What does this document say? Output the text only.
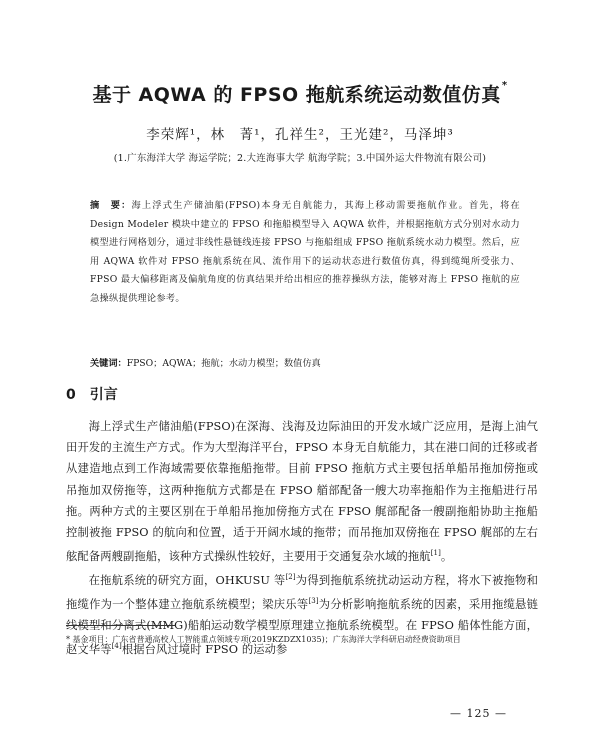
基于 AQWA 的 FPSO 拖航系统运动数值仿真*
李荣辉¹，林　菁¹，孔祥生²，王光建²，马泽坤³
(1.广东海洋大学 海运学院；2.大连海事大学 航海学院；3.中国外运大件物流有限公司)
摘　要：海上浮式生产储油船(FPSO)本身无自航能力，其海上移动需要拖航作业。首先，将在 Design Modeler 模块中建立的 FPSO 和拖船模型导入 AQWA 软件，并根据拖航方式分别对水动力模型进行网格划分，通过非线性悬链线连接 FPSO 与拖船组成 FPSO 拖航系统水动力模型。然后，应用 AQWA 软件对 FPSO 拖航系统在风、流作用下的运动状态进行数值仿真，得到缆绳所受张力、FPSO 最大偏移距离及偏航角度的仿真结果并给出相应的推荐操纵方法，能够对海上 FPSO 拖航的应急操纵提供理论参考。
关键词：FPSO；AQWA；拖航；水动力模型；数值仿真
0 引言

海上浮式生产储油船(FPSO)在深海、浅海及边际油田的开发水域广泛应用，是海上油气田开发的主流生产方式。作为大型海洋平台，FPSO 本身无自航能力，其在港口间的迁移或者从建造地点到工作海域需要依靠拖船拖带。目前 FPSO 拖航方式主要包括单船吊拖加傍拖或吊拖加双傍拖等，这两种拖航方式都是在 FPSO 艏部配备一艘大功率拖船作为主拖船进行吊拖。两种方式的主要区别在于单船吊拖加傍拖方式在 FPSO 艉部配备一艘副拖船协助主拖船控制被拖 FPSO 的航向和位置，适于开阔水域的拖带；而吊拖加双傍拖在 FPSO 艉部的左右舷配备两艘副拖船，该种方式操纵性较好，主要用于交通复杂水域的拖航[1]。

在拖航系统的研究方面，OHKUSU 等[2]为得到拖航系统扰动运动方程，将水下被拖物和拖缆作为一个整体建立拖航系统模型；梁庆乐等[3]为分析影响拖航系统的因素，采用拖缆悬链线模型和分离式(MMG)船舶运动数学模型原理建立拖航系统模型。在 FPSO 船体性能方面，赵文华等[4]根据台风过境时 FPSO 的运动参

* 基金项目：广东省普通高校人工智能重点领域专项(2019KZDZX1035)；广东海洋大学科研启动经费资助项目
— 125 —
